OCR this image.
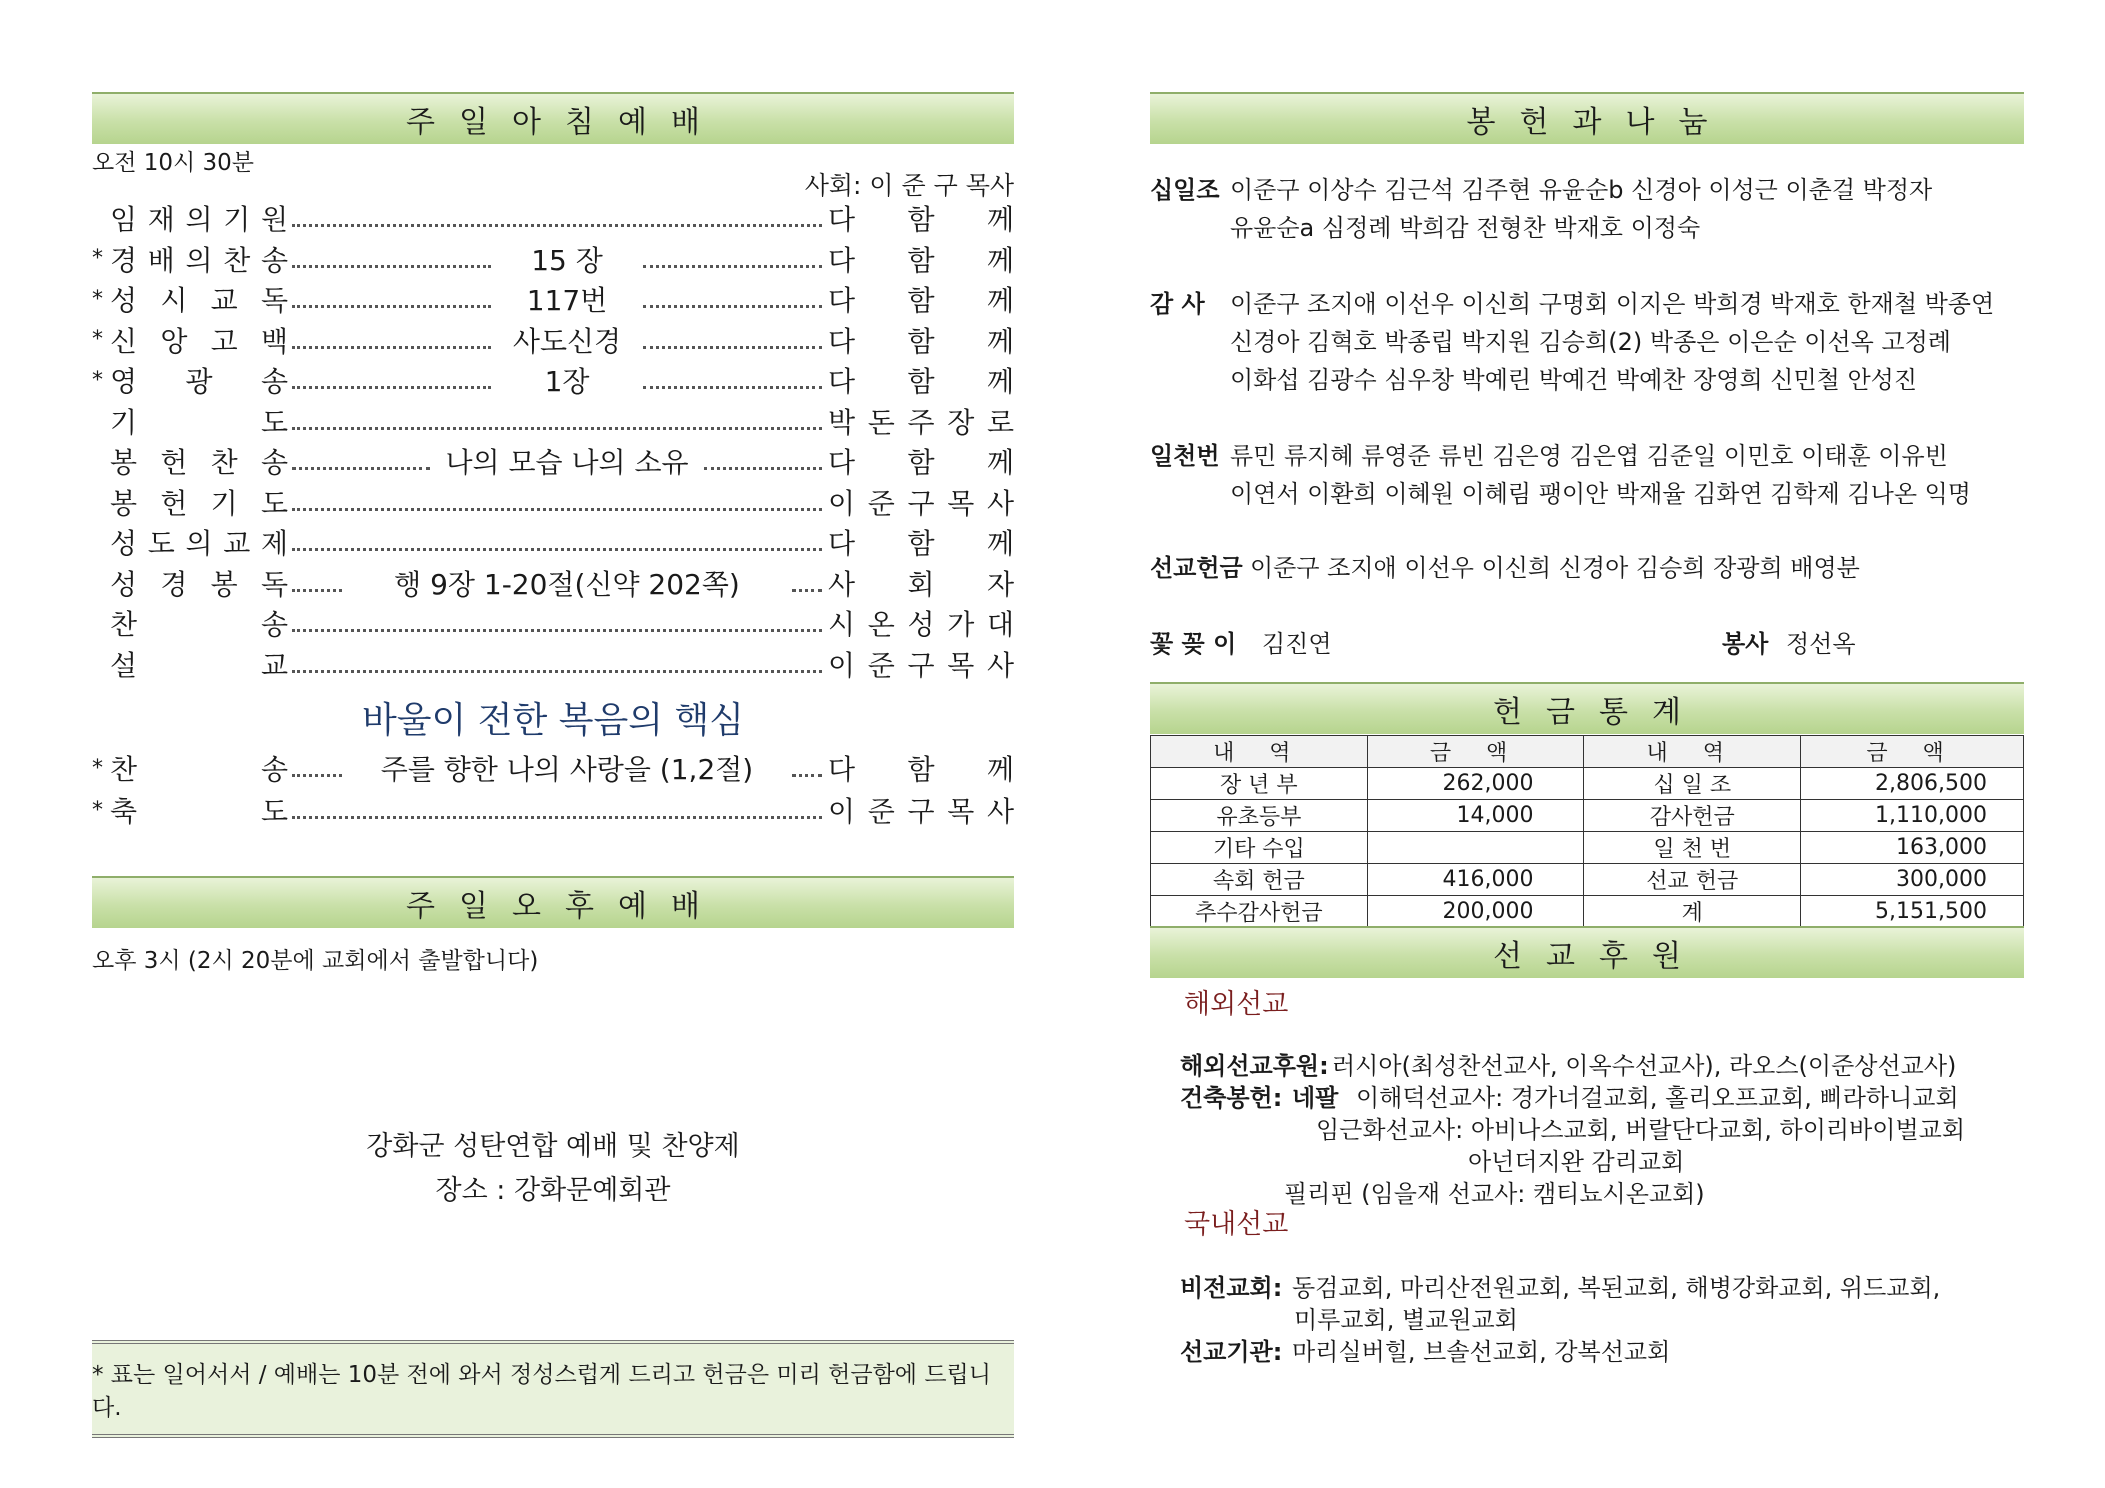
주일아침예배
오전 10시 30분
사회: 이 준 구 목사
임 재 의 기 원	다 함 께
* 경 배 의 찬 송	15 장	다 함 께
* 성 시 교 독	117번	다 함 께
* 신 앙 고 백	사도신경	다 함 께
* 영 광 송	1장	다 함 께
기	도	박 돈 주 장 로
봉 헌 찬 송	나의 모습 나의 소유	다 함 께
봉 헌 기 도	이 준 구 목 사
성 도 의 교 제	다 함 께
성 경 봉 독	행 9장 1-20절(신약 202쪽)	사 회 자
찬	송	시 온 성 가 대
설	교	이 준 구 목 사
바울이 전한 복음의 핵심
* 찬	송	주를 향한 나의 사랑을 (1,2절)	다 함 께
* 축	도	이 준 구 목 사
주일오후예배
오후 3시 (2시 20분에 교회에서 출발합니다)
강화군 성탄연합 예배 및 찬양제
장소 : 강화문예회관
* 표는 일어서서 / 예배는 10분 전에 와서 정성스럽게 드리고 헌금은 미리 헌금함에 드립니다.
봉헌과나눔
십일조 이준구 이상수 김근석 김주현 유윤순b 신경아 이성근 이춘걸 박정자
유윤순a 심정례 박희감 전형찬 박재호 이정숙
감 사 이준구 조지애 이선우 이신희 구명회 이지은 박희경 박재호 한재철 박종연
신경아 김혁호 박종립 박지원 김승희(2) 박종은 이은순 이선옥 고정례
이화섭 김광수 심우창 박예린 박예건 박예찬 장영희 신민철 안성진
일천번 류민 류지혜 류영준 류빈 김은영 김은엽 김준일 이민호 이태훈 이유빈
이연서 이환희 이혜원 이혜림 팽이안 박재율 김화연 김학제 김나온 익명
선교헌금 이준구 조지애 이선우 이신희 신경아 김승희 장광희 배영분
꽃 꽂 이 김진연	봉사 정선옥
헌금통계
내 역	금 액	내 역	금 액
장 년 부	262,000	십 일 조	2,806,500
유초등부	14,000	감사헌금	1,110,000
기타 수입		일 천 번	163,000
속회 헌금	416,000	선교 헌금	300,000
추수감사헌금	200,000	계	5,151,500
선교후원
해외선교
해외선교후원: 러시아(최성찬선교사, 이옥수선교사), 라오스(이준상선교사)
건축봉헌: 네팔 이해덕선교사: 경가너걸교회, 홀리오프교회, 삐라하니교회
임근화선교사: 아비나스교회, 버랄단다교회, 하이리바이벌교회
아넌더지완 감리교회
필리핀 (임을재 선교사: 캠티뇨시온교회)
국내선교
비전교회: 동검교회, 마리산전원교회, 복된교회, 해병강화교회, 위드교회,
미루교회, 별교원교회
선교기관: 마리실버힐, 브솔선교회, 강복선교회
